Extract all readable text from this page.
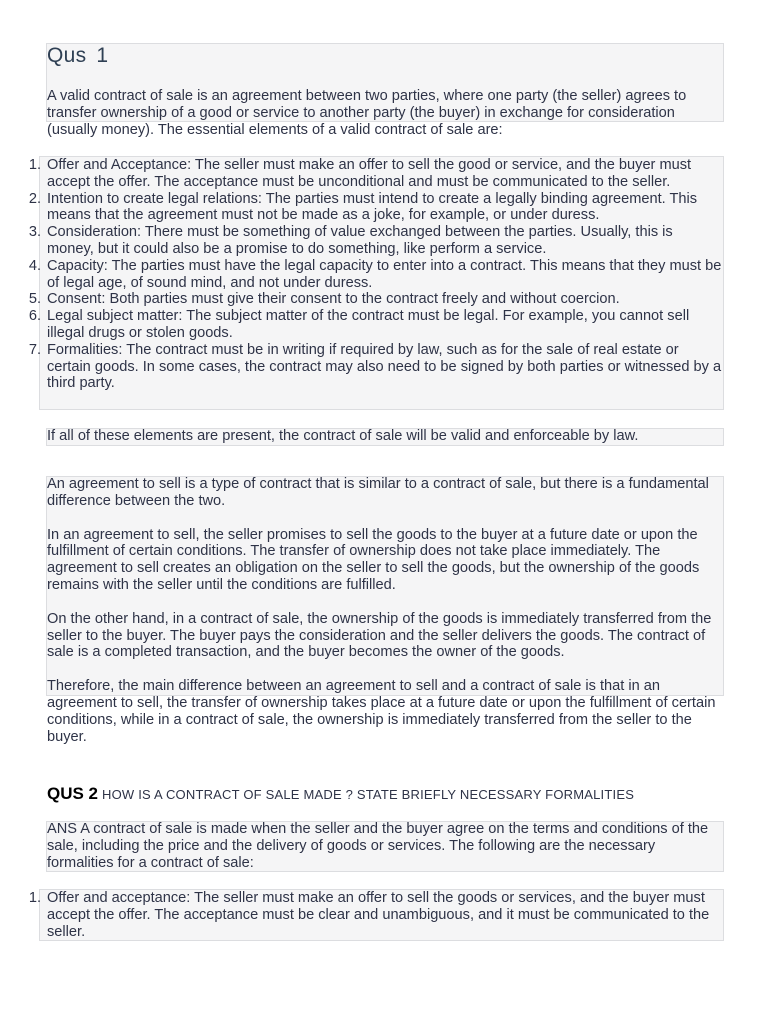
Qus 1

A valid contract of sale is an agreement between two parties, where one party (the seller) agrees to transfer ownership of a good or service to another party (the buyer) in exchange for consideration (usually money). The essential elements of a valid contract of sale are:

1. Offer and Acceptance: The seller must make an offer to sell the good or service, and the buyer must accept the offer. The acceptance must be unconditional and must be communicated to the seller.
2. Intention to create legal relations: The parties must intend to create a legally binding agreement. This means that the agreement must not be made as a joke, for example, or under duress.
3. Consideration: There must be something of value exchanged between the parties. Usually, this is money, but it could also be a promise to do something, like perform a service.
4. Capacity: The parties must have the legal capacity to enter into a contract. This means that they must be of legal age, of sound mind, and not under duress.
5. Consent: Both parties must give their consent to the contract freely and without coercion.
6. Legal subject matter: The subject matter of the contract must be legal. For example, you cannot sell illegal drugs or stolen goods.
7. Formalities: The contract must be in writing if required by law, such as for the sale of real estate or certain goods. In some cases, the contract may also need to be signed by both parties or witnessed by a third party.

If all of these elements are present, the contract of sale will be valid and enforceable by law.

An agreement to sell is a type of contract that is similar to a contract of sale, but there is a fundamental difference between the two.

In an agreement to sell, the seller promises to sell the goods to the buyer at a future date or upon the fulfillment of certain conditions. The transfer of ownership does not take place immediately. The agreement to sell creates an obligation on the seller to sell the goods, but the ownership of the goods remains with the seller until the conditions are fulfilled.

On the other hand, in a contract of sale, the ownership of the goods is immediately transferred from the seller to the buyer. The buyer pays the consideration and the seller delivers the goods. The contract of sale is a completed transaction, and the buyer becomes the owner of the goods.

Therefore, the main difference between an agreement to sell and a contract of sale is that in an agreement to sell, the transfer of ownership takes place at a future date or upon the fulfillment of certain conditions, while in a contract of sale, the ownership is immediately transferred from the seller to the buyer.

QUS 2 HOW IS A CONTRACT OF SALE MADE ? STATE BRIEFLY NECESSARY FORMALITIES

ANS A contract of sale is made when the seller and the buyer agree on the terms and conditions of the sale, including the price and the delivery of goods or services. The following are the necessary formalities for a contract of sale:

1. Offer and acceptance: The seller must make an offer to sell the goods or services, and the buyer must accept the offer. The acceptance must be clear and unambiguous, and it must be communicated to the seller.
